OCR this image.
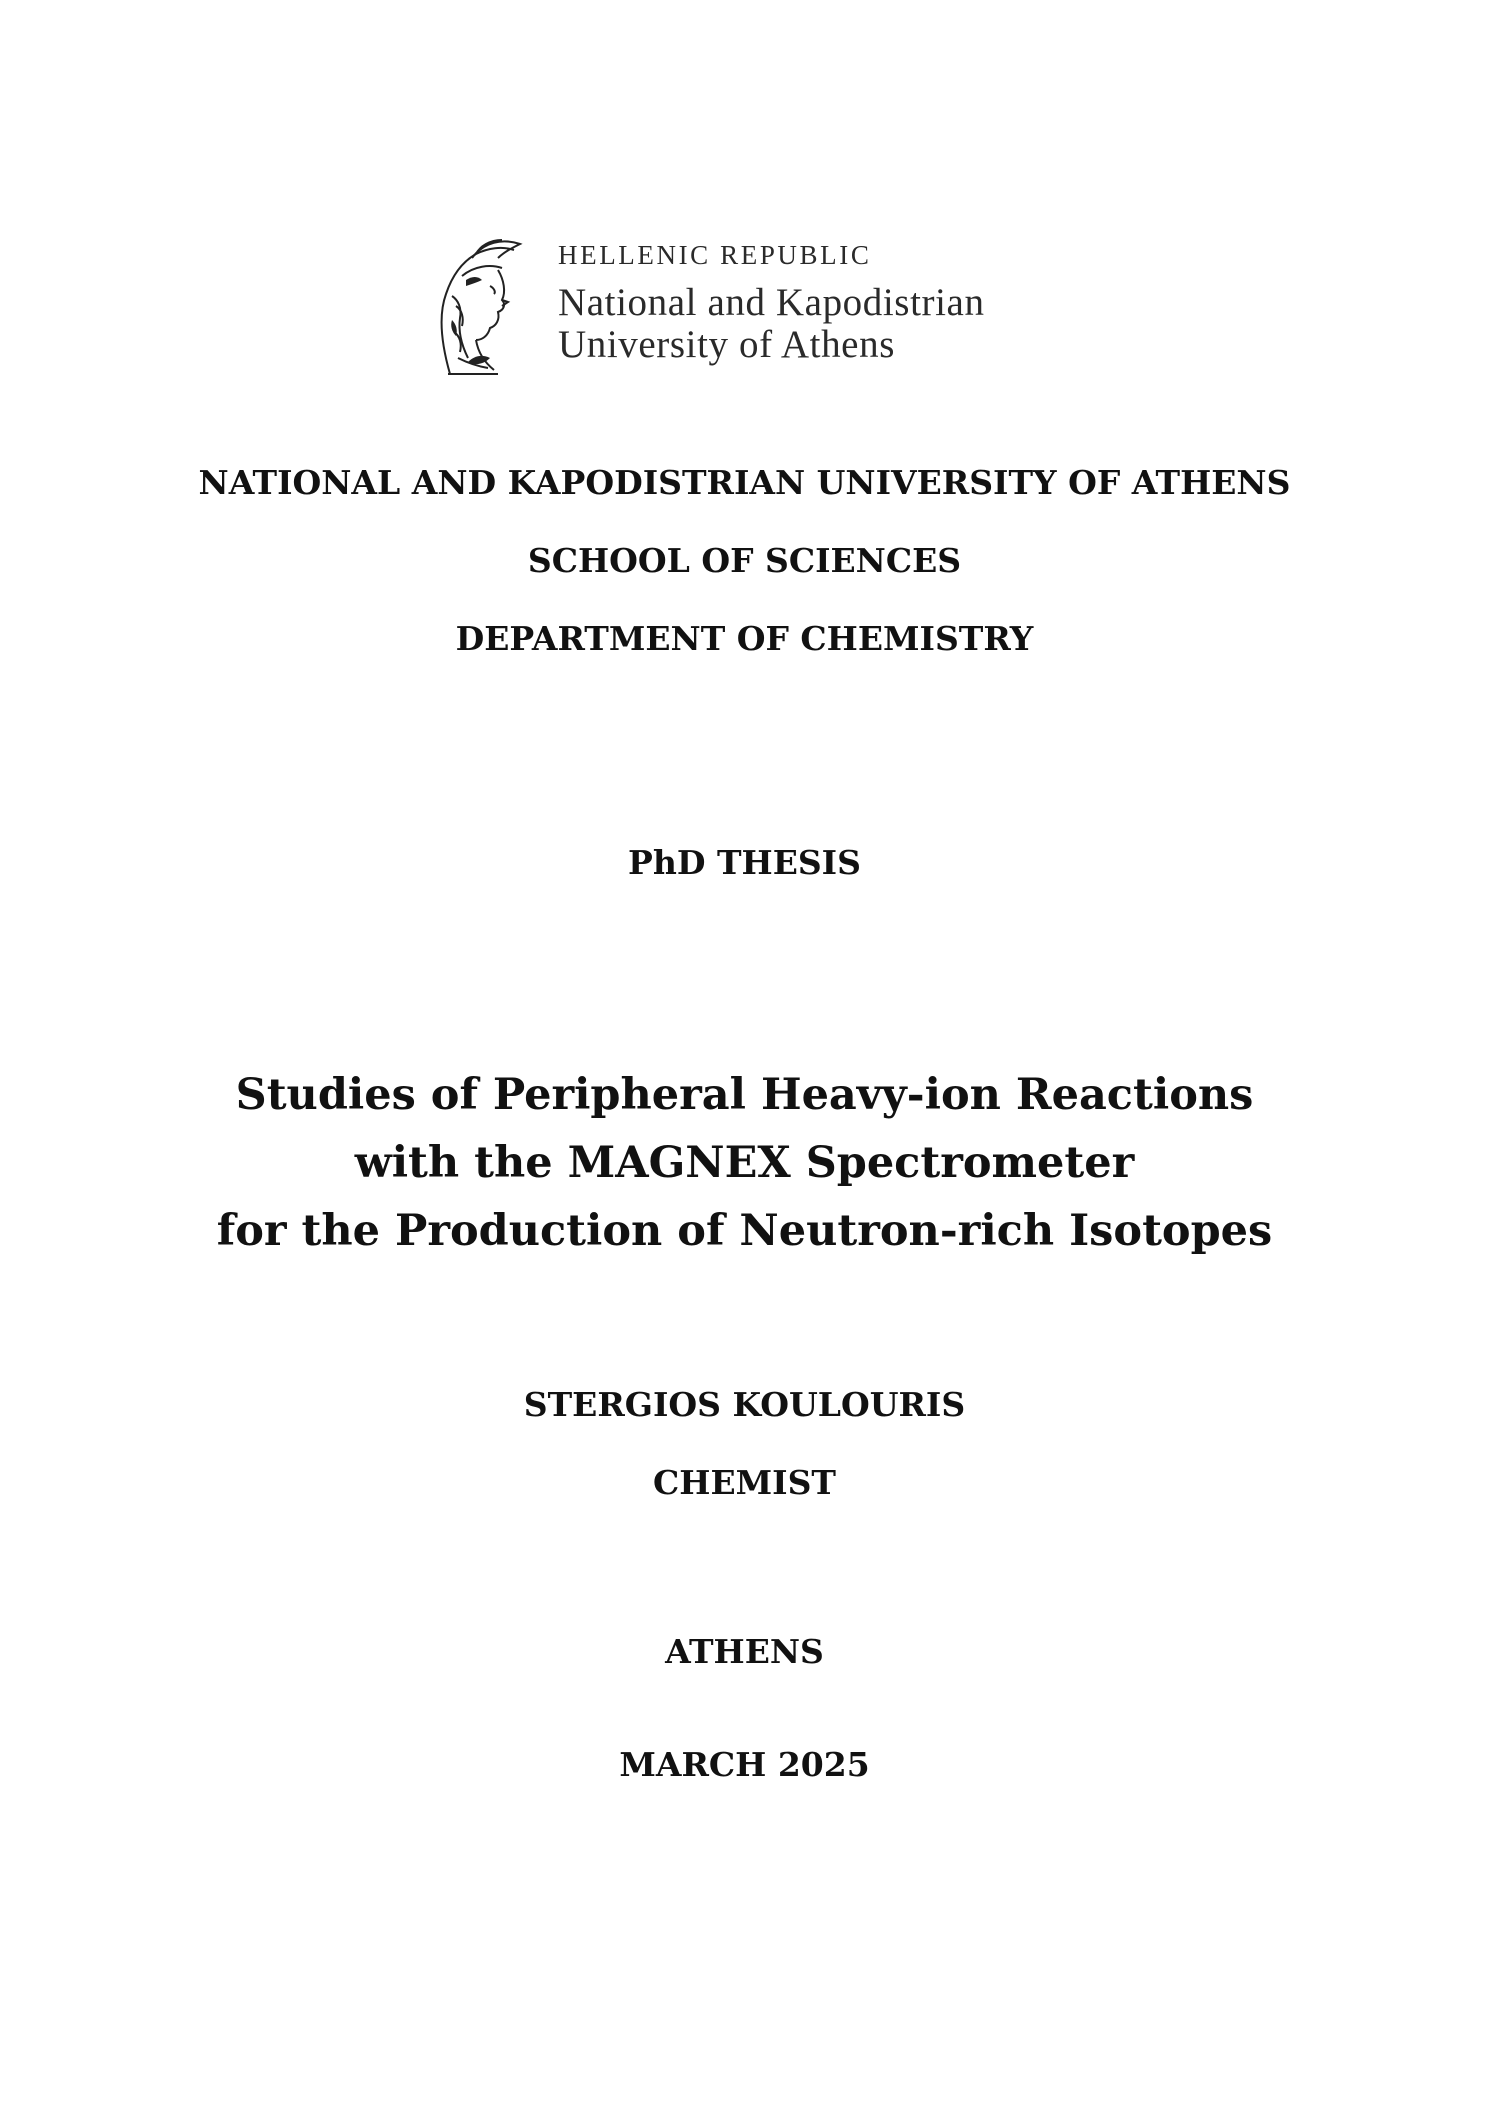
HELLENIC REPUBLIC
National and Kapodistrian
University of Athens
NATIONAL AND KAPODISTRIAN UNIVERSITY OF ATHENS
SCHOOL OF SCIENCES
DEPARTMENT OF CHEMISTRY
PhD THESIS
Studies of Peripheral Heavy-ion Reactions
with the MAGNEX Spectrometer
for the Production of Neutron-rich Isotopes
STERGIOS KOULOURIS
CHEMIST
ATHENS
MARCH 2025
